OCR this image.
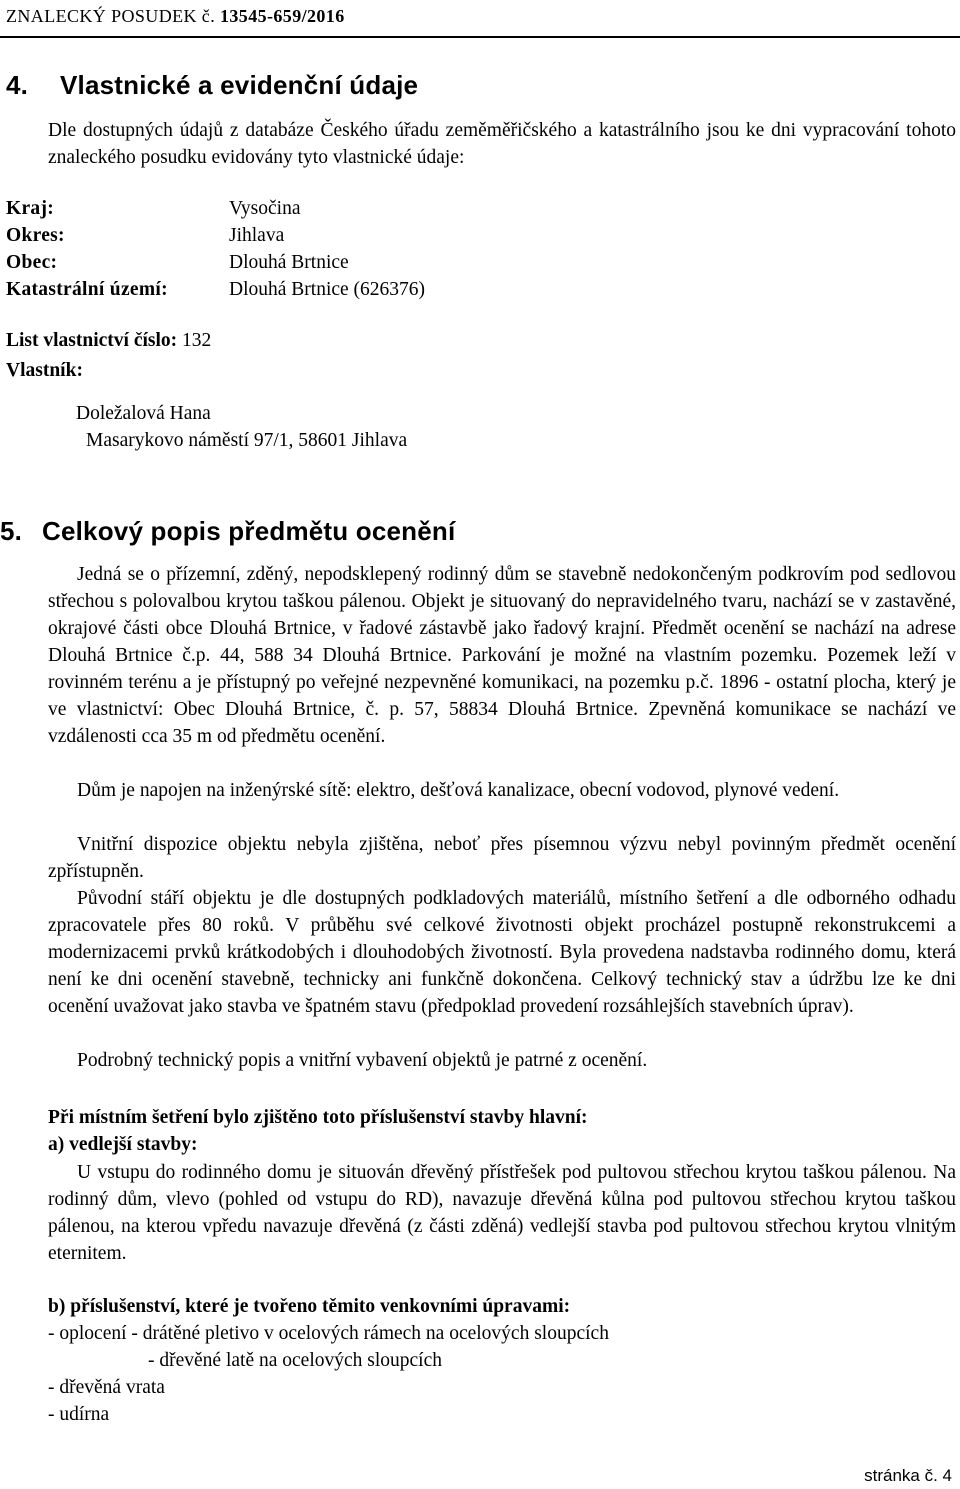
ZNALECKÝ POSUDEK č. 13545-659/2016
4. Vlastnické a evidenční údaje

Dle dostupných údajů z databáze Českého úřadu zeměměřičského a katastrálního jsou ke dni vypracování tohoto znaleckého posudku evidovány tyto vlastnické údaje:

Kraj:	Vysočina
Okres:	Jihlava
Obec:	Dlouhá Brtnice
Katastrální území:	Dlouhá Brtnice (626376)
List vlastnictví číslo: 132
Vlastník:
Doležalová Hana
Masarykovo náměstí 97/1, 58601 Jihlava
5. Celkový popis předmětu ocenění

Jedná se o přízemní, zděný, nepodsklepený rodinný dům se stavebně nedokončeným podkrovím pod sedlovou střechou s polovalbou krytou taškou pálenou. Objekt je situovaný do nepravidelného tvaru, nachází se v zastavěné, okrajové části obce Dlouhá Brtnice, v řadové zástavbě jako řadový krajní. Předmět ocenění se nachází na adrese Dlouhá Brtnice č.p. 44, 588 34 Dlouhá Brtnice. Parkování je možné na vlastním pozemku. Pozemek leží v rovinném terénu a je přístupný po veřejné nezpevněné komunikaci, na pozemku p.č. 1896 - ostatní plocha, který je ve vlastnictví: Obec Dlouhá Brtnice, č. p. 57, 58834 Dlouhá Brtnice. Zpevněná komunikace se nachází ve vzdálenosti cca 35 m od předmětu ocenění.

Dům je napojen na inženýrské sítě: elektro, dešťová kanalizace, obecní vodovod, plynové vedení.

Vnitřní dispozice objektu nebyla zjištěna, neboť přes písemnou výzvu nebyl povinným předmět ocenění zpřístupněn.

Původní stáří objektu je dle dostupných podkladových materiálů, místního šetření a dle odborného odhadu zpracovatele přes 80 roků. V průběhu své celkové životnosti objekt procházel postupně rekonstrukcemi a modernizacemi prvků krátkodobých i dlouhodobých životností. Byla provedena nadstavba rodinného domu, která není ke dni ocenění stavebně, technicky ani funkčně dokončena. Celkový technický stav a údržbu lze ke dni ocenění uvažovat jako stavba ve špatném stavu (předpoklad provedení rozsáhlejších stavebních úprav).

Podrobný technický popis a vnitřní vybavení objektů je patrné z ocenění.

Při místním šetření bylo zjištěno toto příslušenství stavby hlavní:
a) vedlejší stavby:

U vstupu do rodinného domu je situován dřevěný přístřešek pod pultovou střechou krytou taškou pálenou. Na rodinný dům, vlevo (pohled od vstupu do RD), navazuje dřevěná kůlna pod pultovou střechou krytou taškou pálenou, na kterou vpředu navazuje dřevěná (z části zděná) vedlejší stavba pod pultovou střechou krytou vlnitým eternitem.

b) příslušenství, které je tvořeno těmito venkovními úpravami:
- oplocení - drátěné pletivo v ocelových rámech na ocelových sloupcích
- dřevěné latě na ocelových sloupcích
- dřevěná vrata
- udírna
stránka č. 4
